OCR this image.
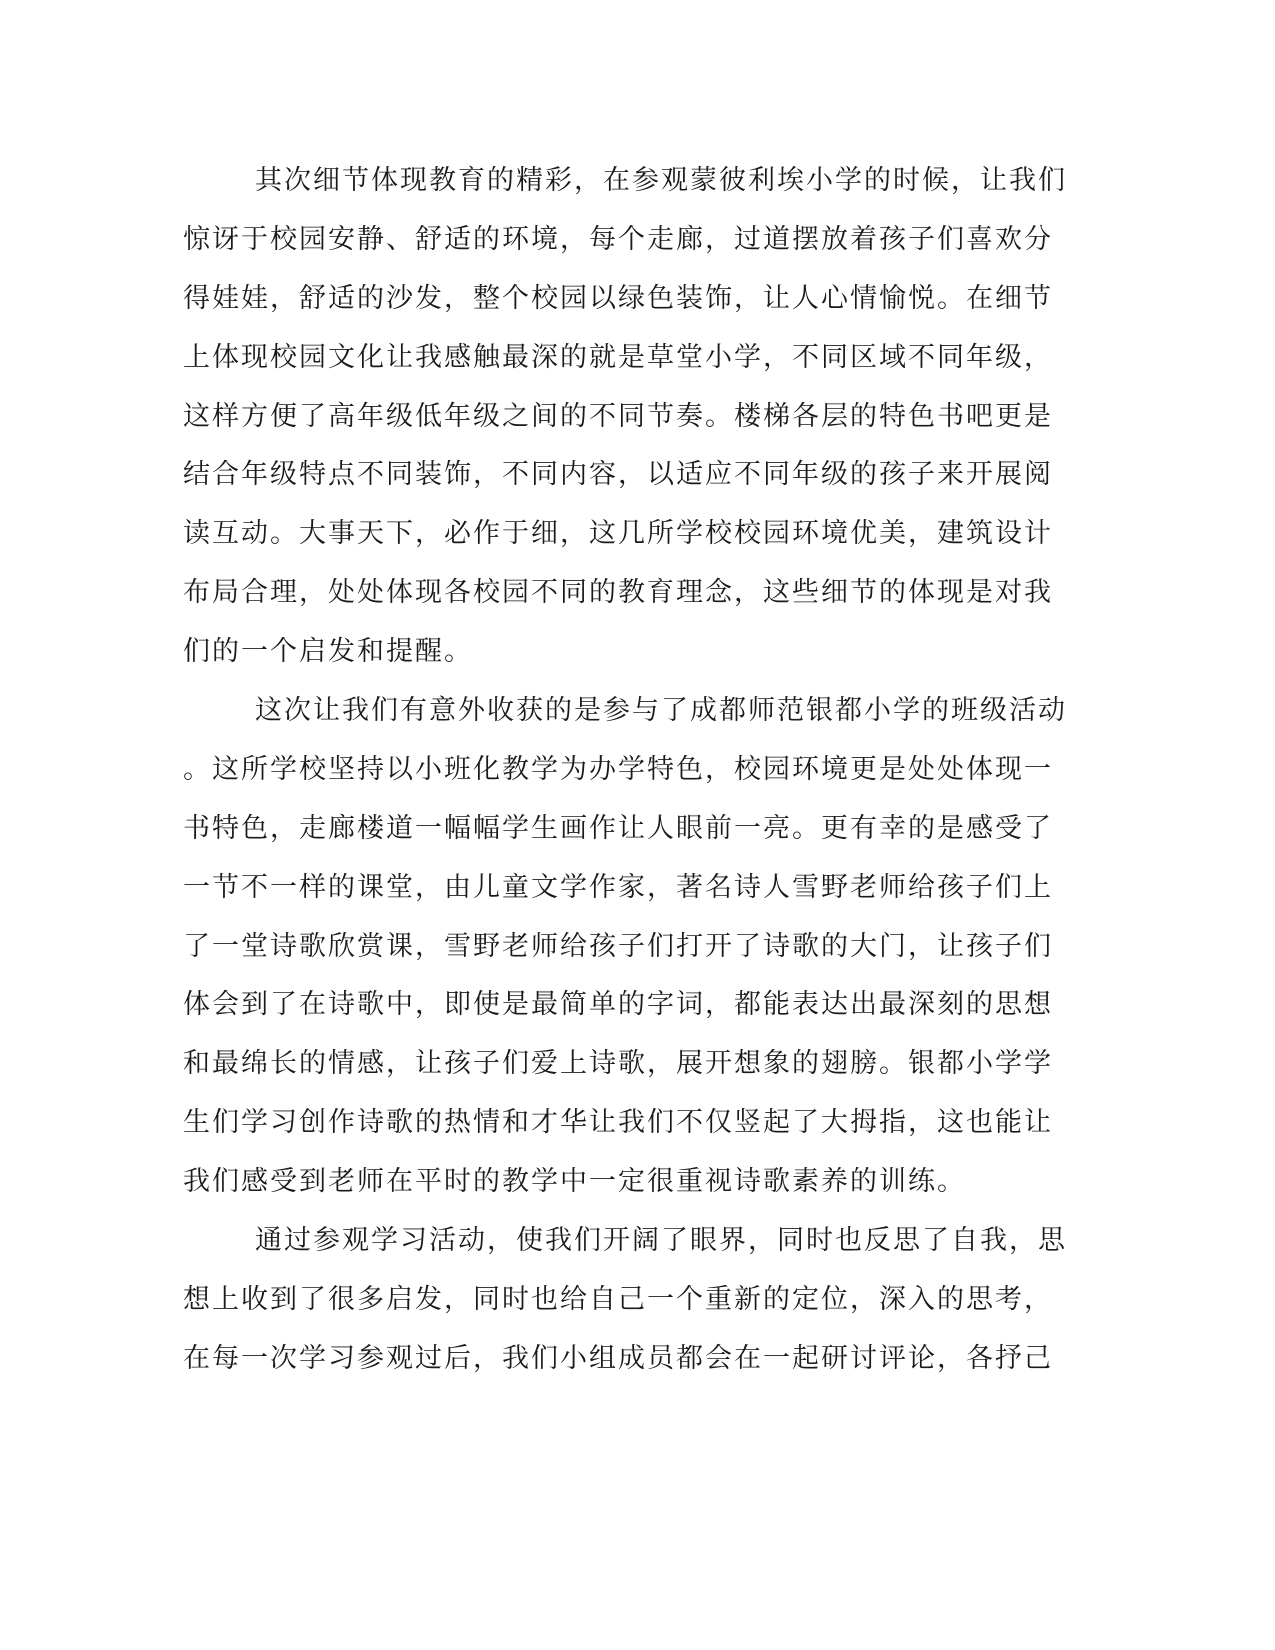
其次细节体现教育的精彩，在参观蒙彼利埃小学的时候，让我们
惊讶于校园安静、舒适的环境，每个走廊，过道摆放着孩子们喜欢分
得娃娃，舒适的沙发，整个校园以绿色装饰，让人心情愉悦。在细节
上体现校园文化让我感触最深的就是草堂小学，不同区域不同年级，
这样方便了高年级低年级之间的不同节奏。楼梯各层的特色书吧更是
结合年级特点不同装饰，不同内容，以适应不同年级的孩子来开展阅
读互动。大事天下，必作于细，这几所学校校园环境优美，建筑设计
布局合理，处处体现各校园不同的教育理念，这些细节的体现是对我
们的一个启发和提醒。
这次让我们有意外收获的是参与了成都师范银都小学的班级活动
。这所学校坚持以小班化教学为办学特色，校园环境更是处处体现一
书特色，走廊楼道一幅幅学生画作让人眼前一亮。更有幸的是感受了
一节不一样的课堂，由儿童文学作家，著名诗人雪野老师给孩子们上
了一堂诗歌欣赏课，雪野老师给孩子们打开了诗歌的大门，让孩子们
体会到了在诗歌中，即使是最简单的字词，都能表达出最深刻的思想
和最绵长的情感，让孩子们爱上诗歌，展开想象的翅膀。银都小学学
生们学习创作诗歌的热情和才华让我们不仅竖起了大拇指，这也能让
我们感受到老师在平时的教学中一定很重视诗歌素养的训练。
通过参观学习活动，使我们开阔了眼界，同时也反思了自我，思
想上收到了很多启发，同时也给自己一个重新的定位，深入的思考，
在每一次学习参观过后，我们小组成员都会在一起研讨评论，各抒己
